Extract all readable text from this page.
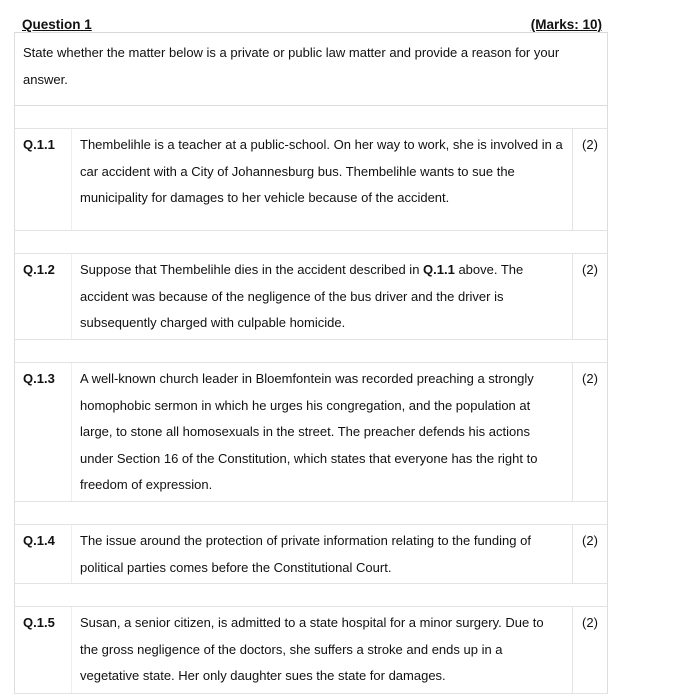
Question 1	(Marks: 10)
State whether the matter below is a private or public law matter and provide a reason for your answer.
Q.1.1	Thembelihle is a teacher at a public-school. On her way to work, she is involved in a car accident with a City of Johannesburg bus. Thembelihle wants to sue the municipality for damages to her vehicle because of the accident.
(2)
Q.1.2	Suppose that Thembelihle dies in the accident described in Q.1.1 above. The accident was because of the negligence of the bus driver and the driver is subsequently charged with culpable homicide.
(2)
Q.1.3	A well-known church leader in Bloemfontein was recorded preaching a strongly homophobic sermon in which he urges his congregation, and the population at large, to stone all homosexuals in the street. The preacher defends his actions under Section 16 of the Constitution, which states that everyone has the right to freedom of expression.
(2)
Q.1.4	The issue around the protection of private information relating to the funding of political parties comes before the Constitutional Court.
(2)
Q.1.5	Susan, a senior citizen, is admitted to a state hospital for a minor surgery. Due to the gross negligence of the doctors, she suffers a stroke and ends up in a vegetative state. Her only daughter sues the state for damages.
(2)
